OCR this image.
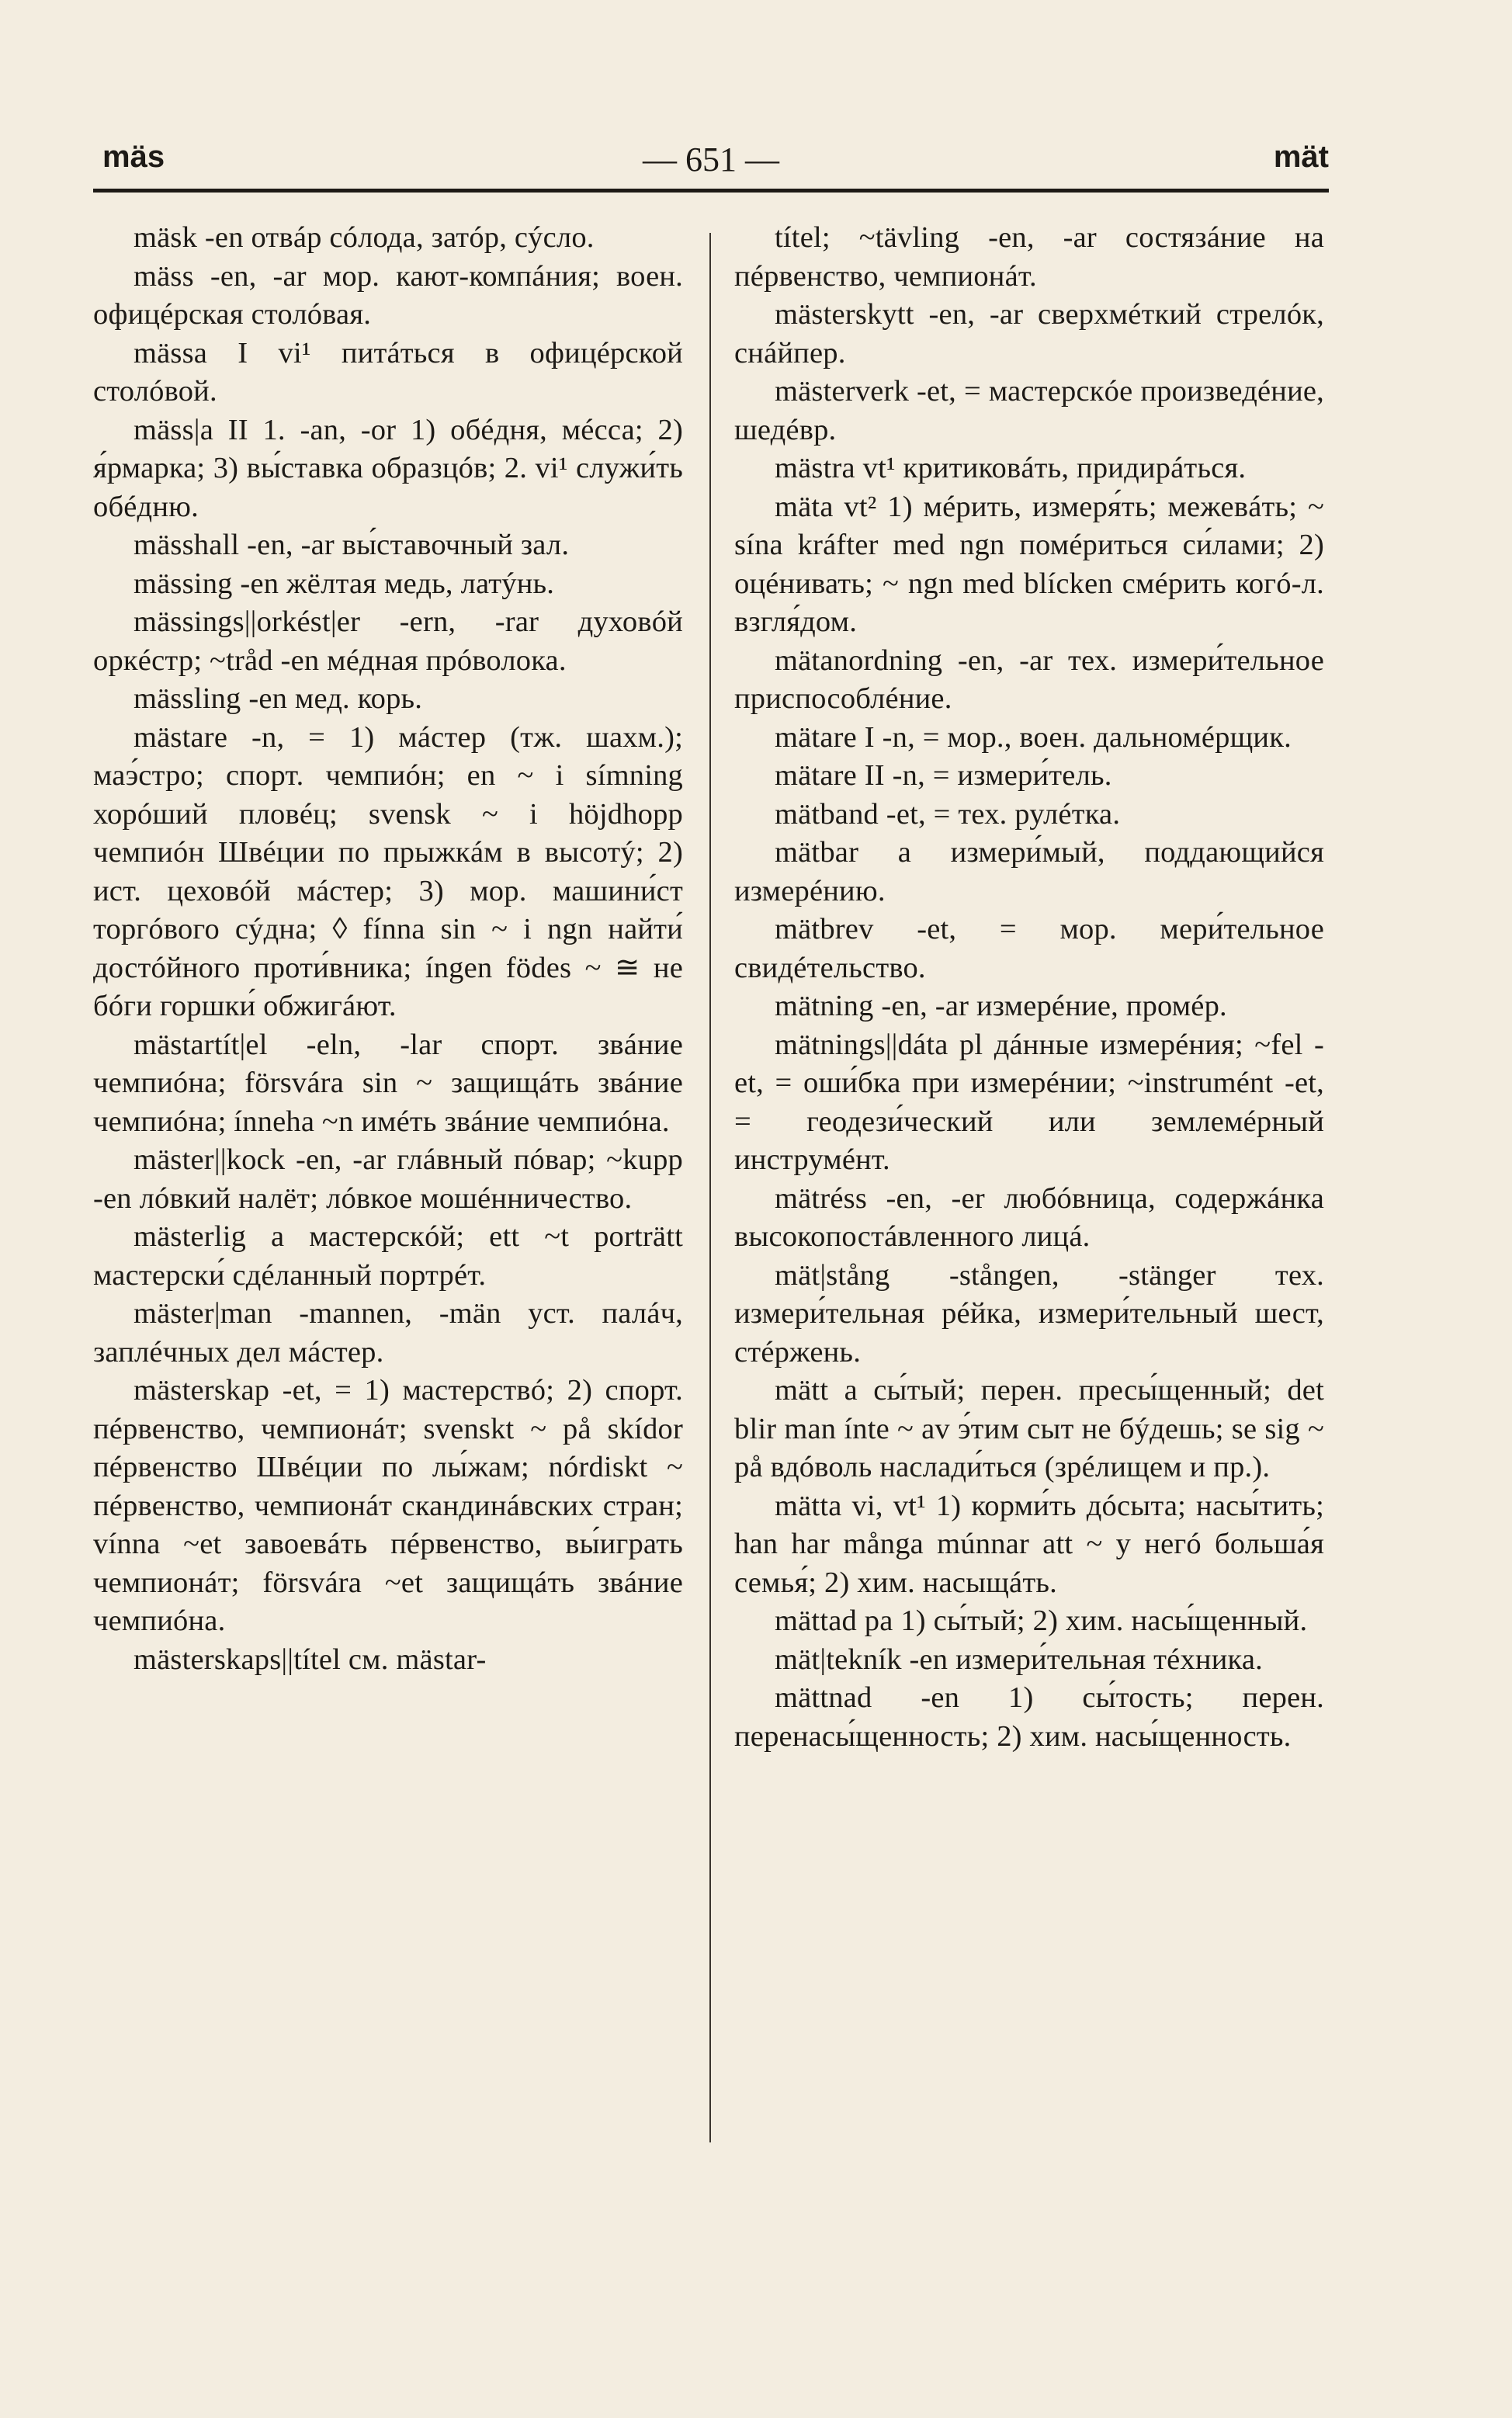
mäs	— 651 —	mät

mäsk -en отвáр сóлода, затóр, сýсло.

mäss -en, -ar мор. кают-компáния; воен. офицéрская столóвая.

mässa I vi¹ питáться в офицéрской столóвой.

mäss|a II 1. -an, -or 1) обéдня, мéсса; 2) я́рмарка; 3) вы́ставка образцóв; 2. vi¹ служи́ть обéдню.

mässhall -en, -ar вы́ставочный зал.

mässing -en жёлтая медь, латýнь.

mässings||orkést|er -ern, -rar духовóй оркéстр; ~tråd -en мéдная прóволока.

mässling -en мед. корь.

mästare -n, = 1) мáстер (тж. шахм.); маэ́стро; спорт. чемпиóн; en ~ i símning хорóший пловéц; svensk ~ i höjdhopp чемпиóн Швéции по прыжкáм в высотý; 2) ист. цеховóй мáстер; 3) мор. машини́ст торгóвого сýдна; ◊ fínna sin ~ i ngn найти́ достóйного проти́вника; íngen födes ~ ≅ не бóги горшки́ обжигáют.

mästartít|el -eln, -lar спорт. звáние чемпиóна; försvára sin ~ защищáть звáние чемпиóна; ínneha ~n имéть звáние чемпиóна.

mäster||kock -en, -ar глáвный пóвар; ~kupp -en лóвкий налёт; лóвкое мошéнничество.

mästerlig a мастерскóй; ett ~t porträtt мастерски́ сдéланный портрéт.

mäster|man -mannen, -män уст. палáч, заплéчных дел мáстер.

mästerskap -et, = 1) мастерствó; 2) спорт. пéрвенство, чемпионáт; svenskt ~ på skídor пéрвенство Швéции по лы́жам; nórdiskt ~ пéрвенство, чемпионáт скандинáвских стран; vínna ~et завоевáть пéрвенство, вы́играть чемпионáт; försvára ~et защищáть звáние чемпиóна.

mästerskaps||títel см. mästar-

títel; ~tävling -en, -ar состязáние на пéрвенство, чемпионáт.

mästerskytt -en, -ar сверхмéткий стрелóк, снáйпер.

mästerverk -et, = мастерскóе произведéние, шедéвр.

mästra vt¹ критиковáть, придирáться.

mäta vt² 1) мéрить, измеря́ть; межевáть; ~ sína kráfter med ngn помéриться си́лами; 2) оцéнивать; ~ ngn med blícken смéрить когó-л. взгля́дом.

mätanordning -en, -ar тех. измери́тельное приспособлéние.

mätare I -n, = мор., воен. дальномéрщик.

mätare II -n, = измери́тель.

mätband -et, = тех. рулéтка.

mätbar a измери́мый, поддающийся измерéнию.

mätbrev -et, = мор. мери́тельное свидéтельство.

mätning -en, -ar измерéние, промéр.

mätnings||dáta pl дáнные измерéния; ~fel -et, = оши́бка при измерéнии; ~instrumént -et, = геодези́ческий или землемéрный инструмéнт.

mätréss -en, -er любóвница, содержáнка высокопостáвленного лицá.

mät|stång -stången, -stänger тех. измери́тельная рéйка, измери́тельный шест, стéржень.

mätt a сы́тый; перен. пресы́щенный; det blir man ínte ~ av э́тим сыт не бýдешь; se sig ~ på вдóволь наслади́ться (зрéлищем и пр.).

mätta vi, vt¹ 1) корми́ть дóсыта; насы́тить; han har många múnnar att ~ у негó больша́я семья́; 2) хим. насыщáть.

mättad pa 1) сы́тый; 2) хим. насы́щенный.

mät|tekník -en измери́тельная тéхника.

mättnad -en 1) сы́тость; перен. перенасы́щенность; 2) хим. насы́щенность.
